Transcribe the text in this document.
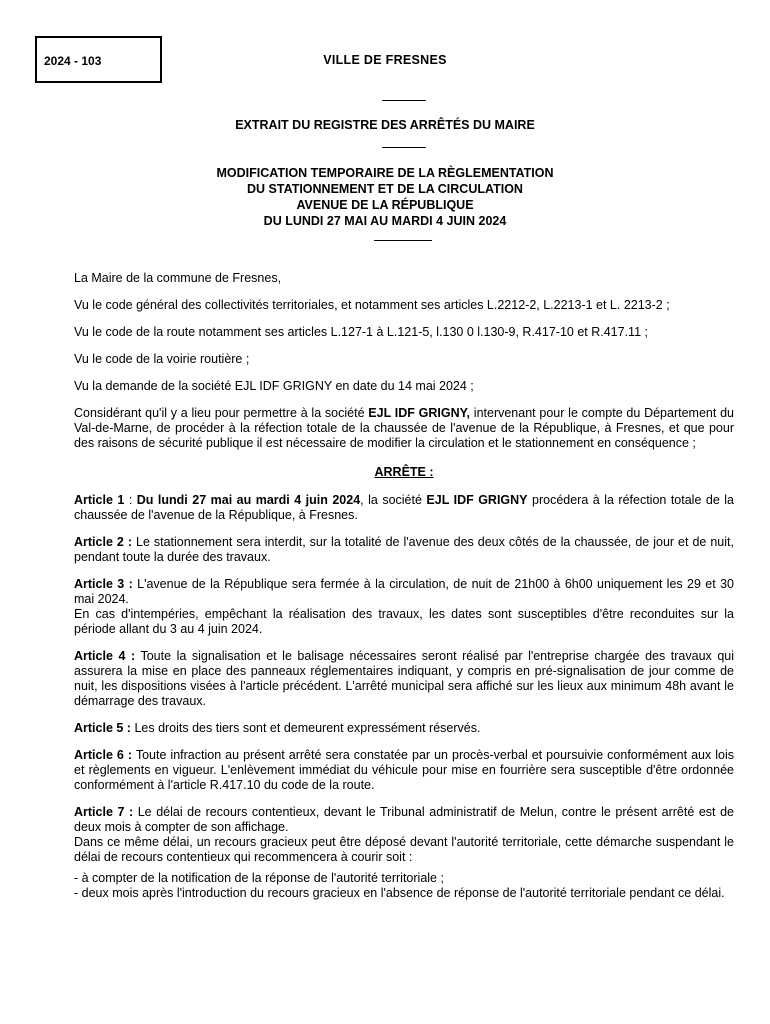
2024 - 103	VILLE DE FRESNES
EXTRAIT DU REGISTRE DES ARRÊTÉS DU MAIRE
MODIFICATION TEMPORAIRE DE LA RÈGLEMENTATION
DU STATIONNEMENT ET DE LA CIRCULATION
AVENUE DE LA RÉPUBLIQUE
DU LUNDI 27 MAI AU MARDI 4 JUIN 2024

La Maire de la commune de Fresnes,

Vu le code général des collectivités territoriales, et notamment ses articles L.2212-2, L.2213-1 et L. 2213-2 ;

Vu le code de la route notamment ses articles L.127-1 à L.121-5, l.130 0 l.130-9, R.417-10 et R.417.11 ;

Vu le code de la voirie routière ;

Vu la demande de la société EJL IDF GRIGNY en date du 14 mai 2024 ;

Considérant qu'il y a lieu pour permettre à la société EJL IDF GRIGNY, intervenant pour le compte du Département du Val-de-Marne, de procéder à la réfection totale de la chaussée de l'avenue de la République, à Fresnes, et que pour des raisons de sécurité publique il est nécessaire de modifier la circulation et le stationnement en conséquence ;

ARRÊTE :

Article 1 : Du lundi 27 mai au mardi 4 juin 2024, la société EJL IDF GRIGNY procédera à la réfection totale de la chaussée de l'avenue de la République, à Fresnes.

Article 2 : Le stationnement sera interdit, sur la totalité de l'avenue des deux côtés de la chaussée, de jour et de nuit, pendant toute la durée des travaux.

Article 3 : L'avenue de la République sera fermée à la circulation, de nuit de 21h00 à 6h00 uniquement les 29 et 30 mai 2024.

En cas d'intempéries, empêchant la réalisation des travaux, les dates sont susceptibles d'être reconduites sur la période allant du 3 au 4 juin 2024.

Article 4 : Toute la signalisation et le balisage nécessaires seront réalisé par l'entreprise chargée des travaux qui assurera la mise en place des panneaux réglementaires indiquant, y compris en pré-signalisation de jour comme de nuit, les dispositions visées à l'article précédent. L'arrêté municipal sera affiché sur les lieux aux minimum 48h avant le démarrage des travaux.

Article 5 : Les droits des tiers sont et demeurent expressément réservés.

Article 6 : Toute infraction au présent arrêté sera constatée par un procès-verbal et poursuivie conformément aux lois et règlements en vigueur. L'enlèvement immédiat du véhicule pour mise en fourrière sera susceptible d'être ordonnée conformément à l'article R.417.10 du code de la route.

Article 7 : Le délai de recours contentieux, devant le Tribunal administratif de Melun, contre le présent arrêté est de deux mois à compter de son affichage.

Dans ce même délai, un recours gracieux peut être déposé devant l'autorité territoriale, cette démarche suspendant le délai de recours contentieux qui recommencera à courir soit :

- à compter de la notification de la réponse de l'autorité territoriale ;

- deux mois après l'introduction du recours gracieux en l'absence de réponse de l'autorité territoriale pendant ce délai.
